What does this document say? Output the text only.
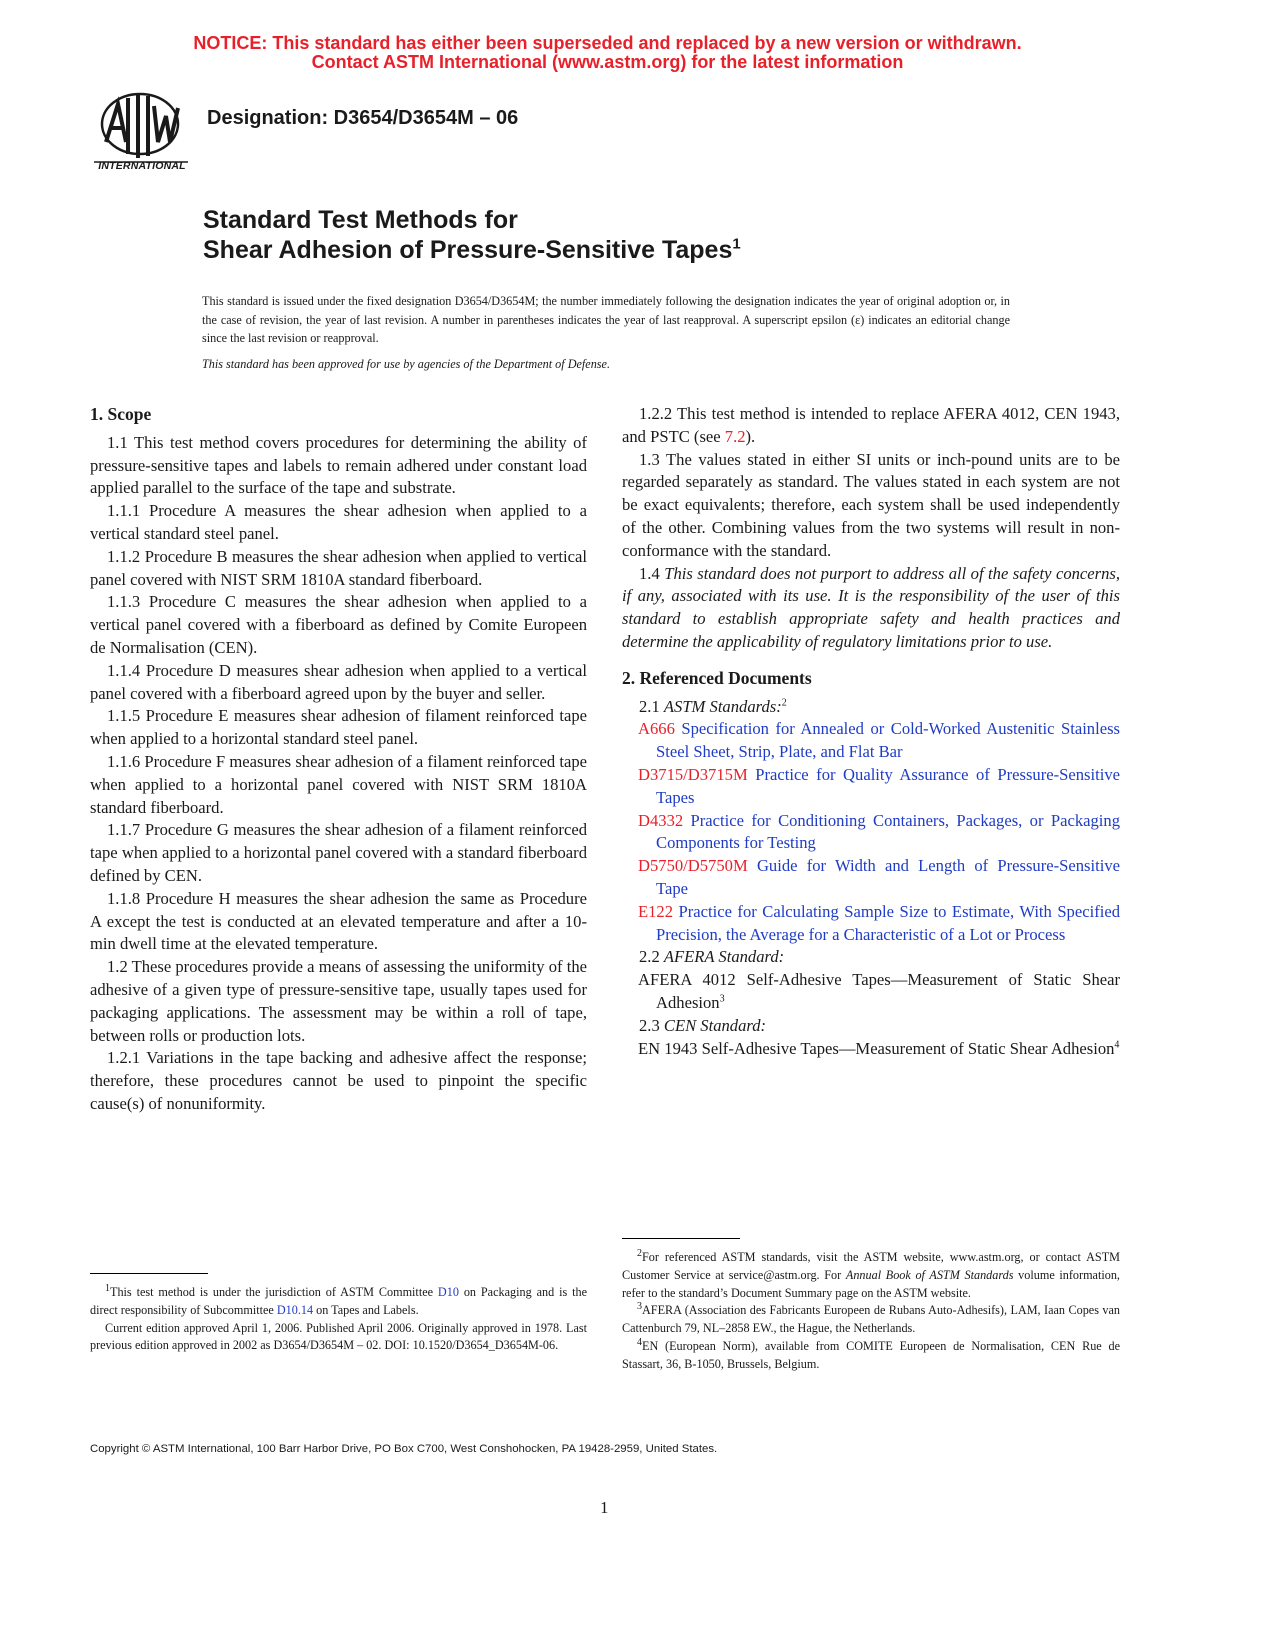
NOTICE: This standard has either been superseded and replaced by a new version or withdrawn.
Contact ASTM International (www.astm.org) for the latest information
INTERNATIONAL
Designation: D3654/D3654M – 06
Standard Test Methods for
Shear Adhesion of Pressure-Sensitive Tapes$^1$
This standard is issued under the fixed designation D3654/D3654M; the number immediately following the designation indicates the year of original adoption or, in the case of revision, the year of last revision. A number in parentheses indicates the year of last reapproval. A superscript epsilon (ε) indicates an editorial change since the last revision or reapproval.
This standard has been approved for use by agencies of the Department of Defense.
1. Scope

1.1 This test method covers procedures for determining the ability of pressure-sensitive tapes and labels to remain adhered under constant load applied parallel to the surface of the tape and substrate.

1.1.1 Procedure A measures the shear adhesion when applied to a vertical standard steel panel.

1.1.2 Procedure B measures the shear adhesion when applied to vertical panel covered with NIST SRM 1810A standard fiberboard.

1.1.3 Procedure C measures the shear adhesion when applied to a vertical panel covered with a fiberboard as defined by Comite Europeen de Normalisation (CEN).

1.1.4 Procedure D measures shear adhesion when applied to a vertical panel covered with a fiberboard agreed upon by the buyer and seller.

1.1.5 Procedure E measures shear adhesion of filament reinforced tape when applied to a horizontal standard steel panel.

1.1.6 Procedure F measures shear adhesion of a filament reinforced tape when applied to a horizontal panel covered with NIST SRM 1810A standard fiberboard.

1.1.7 Procedure G measures the shear adhesion of a filament reinforced tape when applied to a horizontal panel covered with a standard fiberboard defined by CEN.

1.1.8 Procedure H measures the shear adhesion the same as Procedure A except the test is conducted at an elevated temperature and after a 10-min dwell time at the elevated temperature.

1.2 These procedures provide a means of assessing the uniformity of the adhesive of a given type of pressure-sensitive tape, usually tapes used for packaging applications. The assessment may be within a roll of tape, between rolls or production lots.

1.2.1 Variations in the tape backing and adhesive affect the response; therefore, these procedures cannot be used to pinpoint the specific cause(s) of nonuniformity.

1.2.2 This test method is intended to replace AFERA 4012, CEN 1943, and PSTC (see 7.2).

1.3 The values stated in either SI units or inch-pound units are to be regarded separately as standard. The values stated in each system are not be exact equivalents; therefore, each system shall be used independently of the other. Combining values from the two systems will result in non-conformance with the standard.

1.4 This standard does not purport to address all of the safety concerns, if any, associated with its use. It is the responsibility of the user of this standard to establish appropriate safety and health practices and determine the applicability of regulatory limitations prior to use.

2. Referenced Documents

2.1 ASTM Standards:$^2$

A666 Specification for Annealed or Cold-Worked Austenitic Stainless Steel Sheet, Strip, Plate, and Flat Bar

D3715/D3715M Practice for Quality Assurance of Pressure-Sensitive Tapes

D4332 Practice for Conditioning Containers, Packages, or Packaging Components for Testing

D5750/D5750M Guide for Width and Length of Pressure-Sensitive Tape

E122 Practice for Calculating Sample Size to Estimate, With Specified Precision, the Average for a Characteristic of a Lot or Process

2.2 AFERA Standard:

AFERA 4012 Self-Adhesive Tapes—Measurement of Static Shear Adhesion$^3$

2.3 CEN Standard:

EN 1943 Self-Adhesive Tapes—Measurement of Static Shear Adhesion$^4$

$^1$This test method is under the jurisdiction of ASTM Committee D10 on Packaging and is the direct responsibility of Subcommittee D10.14 on Tapes and Labels.

Current edition approved April 1, 2006. Published April 2006. Originally approved in 1978. Last previous edition approved in 2002 as D3654/D3654M – 02. DOI: 10.1520/D3654_D3654M-06.

$^2$For referenced ASTM standards, visit the ASTM website, www.astm.org, or contact ASTM Customer Service at service@astm.org. For Annual Book of ASTM Standards volume information, refer to the standard’s Document Summary page on the ASTM website.

$^3$AFERA (Association des Fabricants Europeen de Rubans Auto-Adhesifs), LAM, Iaan Copes van Cattenburch 79, NL–2858 EW., the Hague, the Netherlands.

$^4$EN (European Norm), available from COMITE Europeen de Normalisation, CEN Rue de Stassart, 36, B-1050, Brussels, Belgium.

Copyright © ASTM International, 100 Barr Harbor Drive, PO Box C700, West Conshohocken, PA 19428-2959, United States.
1
